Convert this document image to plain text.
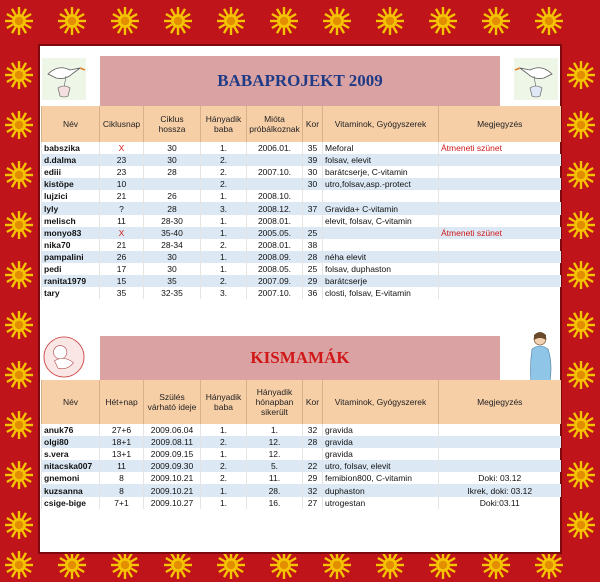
BABAPROJEKT 2009
Név	Ciklusnap	Ciklus hossza	Hányadik baba	Mióta próbálkoznak	Kor	Vitaminok, Gyógyszerek	Megjegyzés
babszika	X	30	1.	2006.01.	35	Meforal	Átmeneti szünet
d.dalma	23	30	2.		39	folsav, elevit	
ediii	23	28	2.	2007.10.	30	barátcserje, C-vitamin	
kistöpe	10		2.		30	utro,folsav,asp.-protect	
lujzici	21	26	1.	2008.10.			
lyly	?	28	3.	2008.12.	37	Gravida+ C-vitamin	
melisch	11	28-30	1.	2008.01.		elevit, folsav, C-vitamin	
monyo83	X	35-40	1.	2005.05.	25		Átmeneti szünet
nika70	21	28-34	2.	2008.01.	38		
pampalini	26	30	1.	2008.09.	28	néha elevit	
pedi	17	30	1.	2008.05.	25	folsav, duphaston	
ranita1979	15	35	2.	2007.09.	29	barátcserje	
tary	35	32-35	3.	2007.10.	36	closti, folsav, E-vitamin	
KISMAMÁK
Név	Hét+nap	Szülés várható ideje	Hányadik baba	Hányadik hónapban sikerült	Kor	Vitaminok, Gyógyszerek	Megjegyzés
anuk76	27+6	2009.06.04	1.	1.	32	gravida	
olgi80	18+1	2009.08.11	2.	12.	28	gravida	
s.vera	13+1	2009.09.15	1.	12.		gravida	
nitacska007	11	2009.09.30	2.	5.	22	utro, folsav, elevit	
gnemoni	8	2009.10.21	2.	11.	29	femibion800, C-vitamin	Doki: 03.12
kuzsanna	8	2009.10.21	1.	28.	32	duphaston	Ikrek, doki: 03.12
csige-bige	7+1	2009.10.27	1.	16.	27	utrogestan	Doki:03.11
